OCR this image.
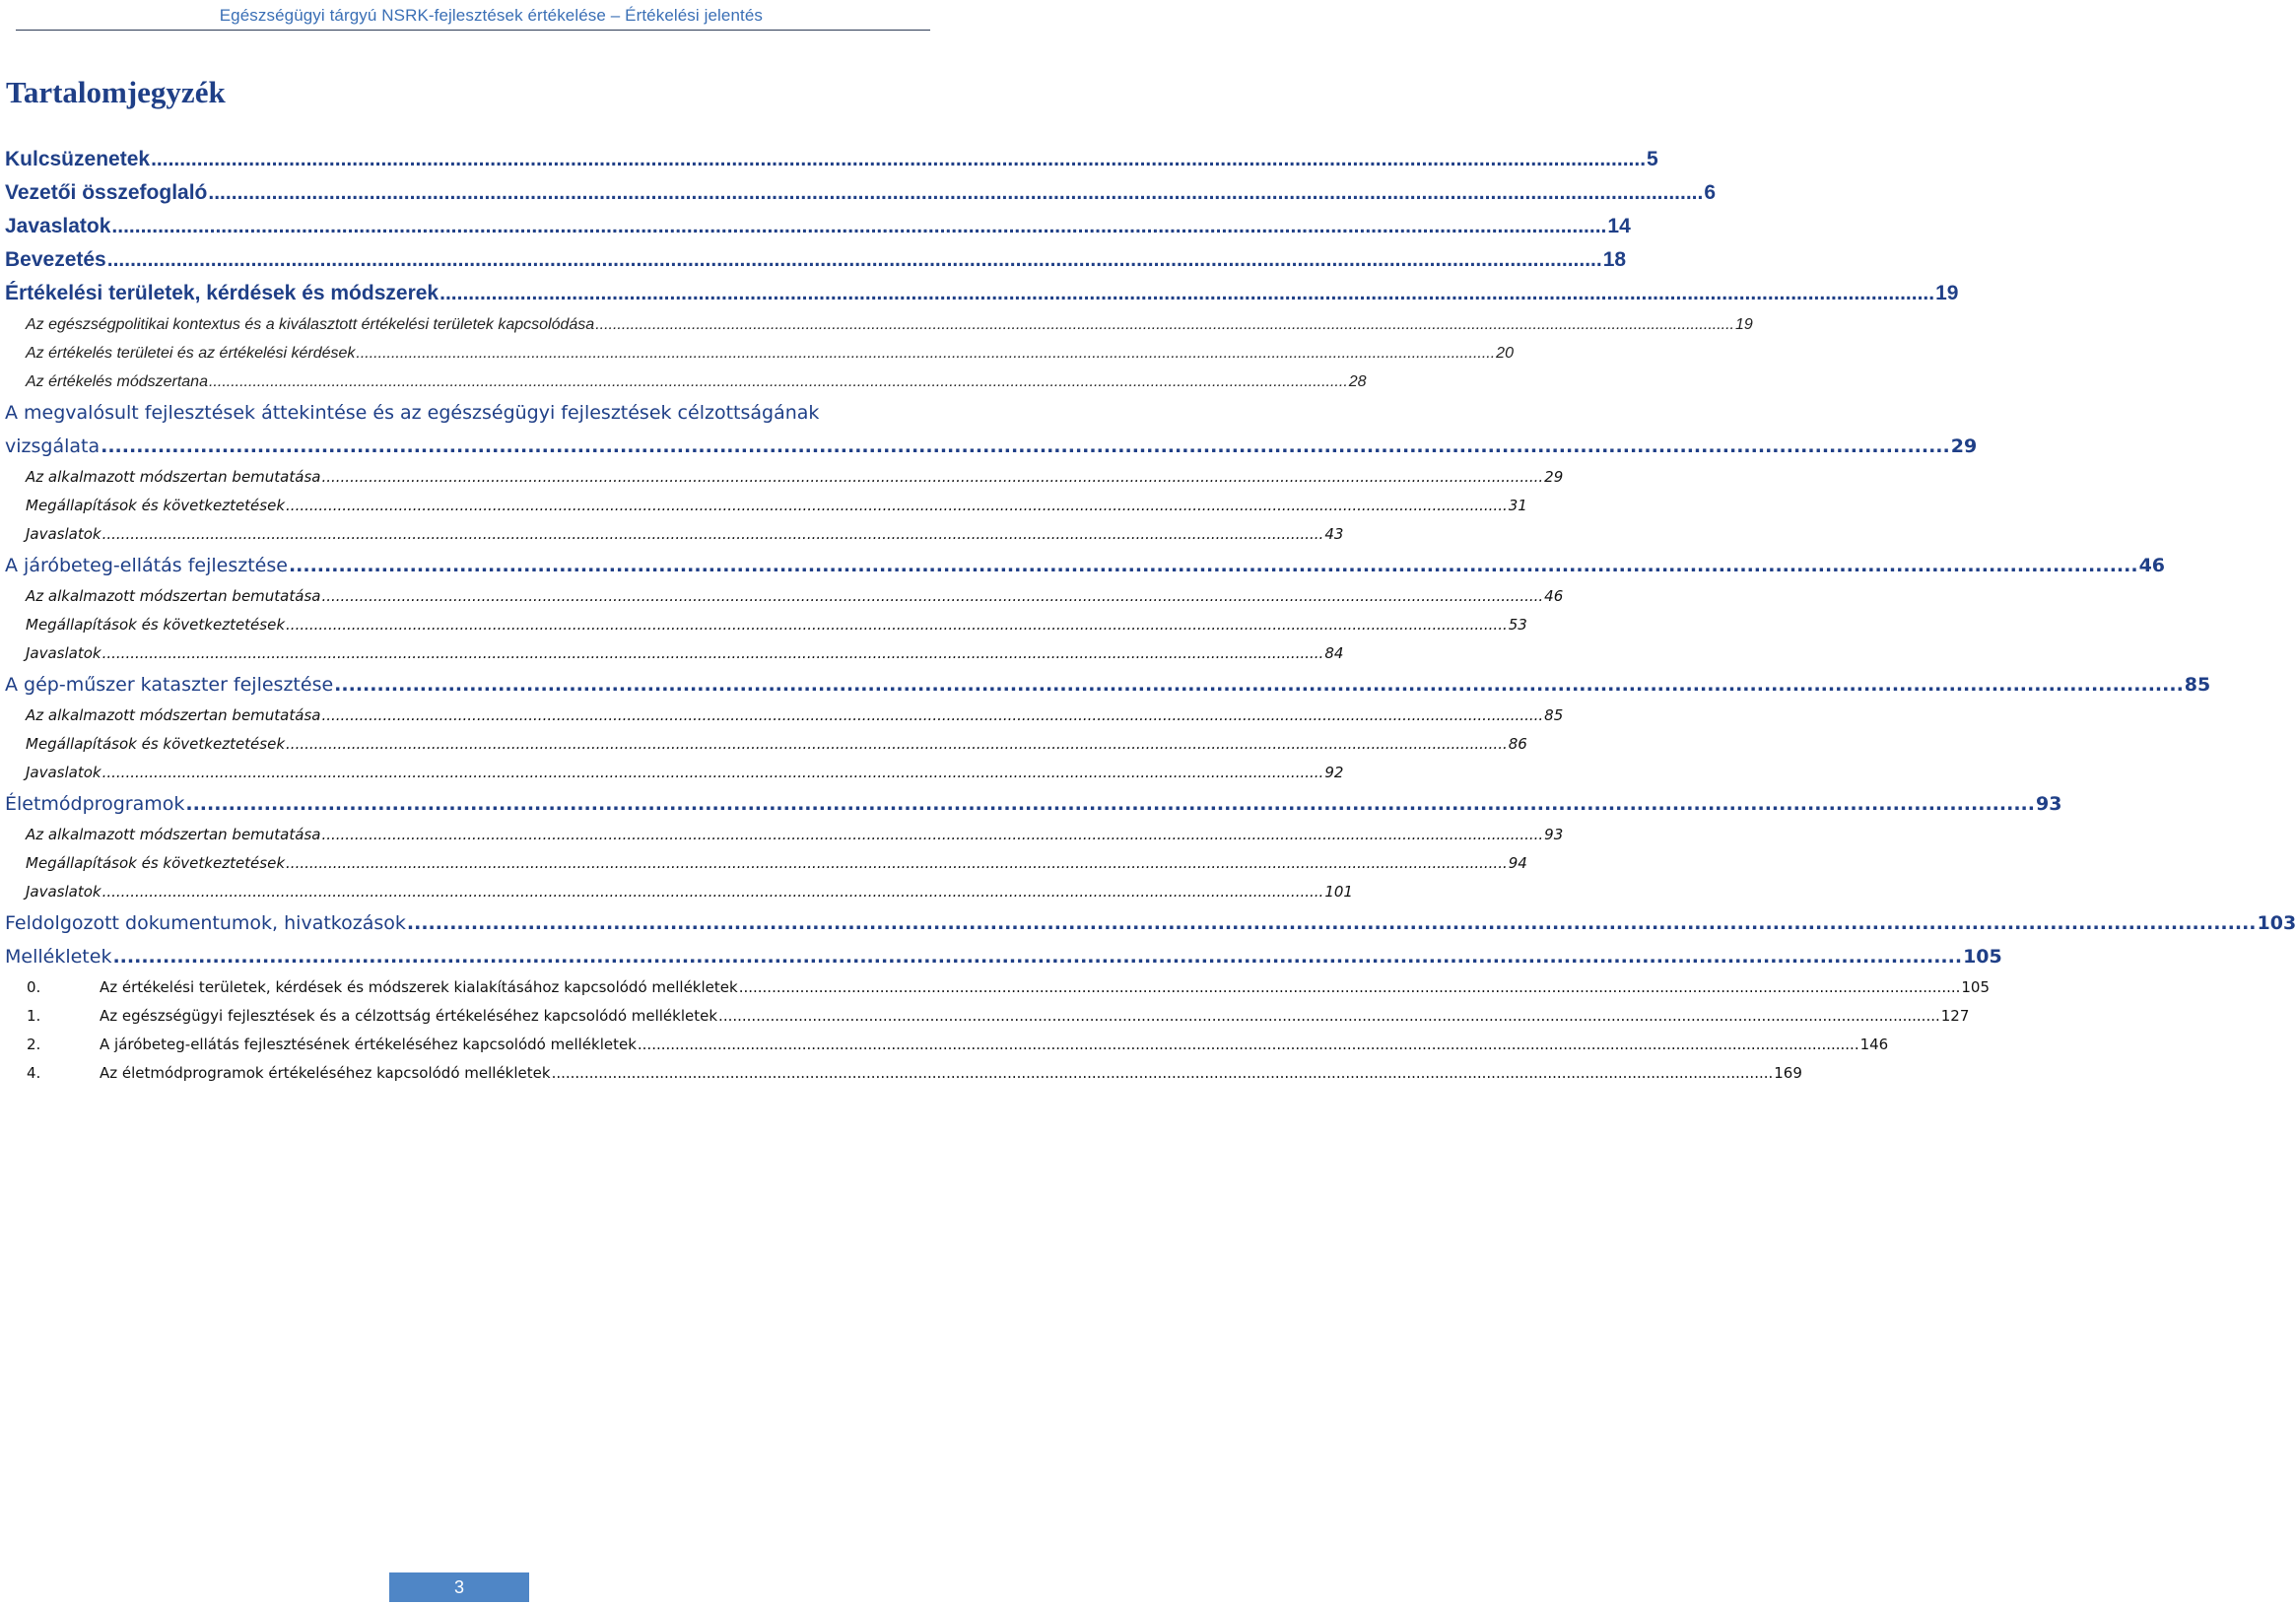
Egészségügyi tárgyú NSRK-fejlesztések értékelése – Értékelési jelentés
Tartalomjegyzék
Kulcsüzenetek .....	5
Vezetői összefoglaló .....	6
Javaslatok .....	14
Bevezetés .....	18
Értékelési területek, kérdések és módszerek .....	19
Az egészségpolitikai kontextus és a kiválasztott értékelési területek kapcsolódása .....	19
Az értékelés területei és az értékelési kérdések .....	20
Az értékelés módszertana .....	28
A megvalósult fejlesztések áttekintése és az egészségügyi fejlesztések célzottságának
vizsgálata .....	29
Az alkalmazott módszertan bemutatása .....	29
Megállapítások és következtetések .....	31
Javaslatok .....	43
A járóbeteg-ellátás fejlesztése .....	46
Az alkalmazott módszertan bemutatása .....	46
Megállapítások és következtetések .....	53
Javaslatok .....	84
A gép-műszer kataszter fejlesztése .....	85
Az alkalmazott módszertan bemutatása .....	85
Megállapítások és következtetések .....	86
Javaslatok .....	92
Életmódprogramok .....	93
Az alkalmazott módszertan bemutatása .....	93
Megállapítások és következtetések .....	94
Javaslatok .....	101
Feldolgozott dokumentumok, hivatkozások .....	103
Mellékletek .....	105
0.	Az értékelési területek, kérdések és módszerek kialakításához kapcsolódó mellékletek .....	105
1.	Az egészségügyi fejlesztések és a célzottság értékeléséhez kapcsolódó mellékletek .....	127
2.	A járóbeteg-ellátás fejlesztésének értékeléséhez kapcsolódó mellékletek .....	146
4.	Az életmódprogramok értékeléséhez kapcsolódó mellékletek .....	169
3
